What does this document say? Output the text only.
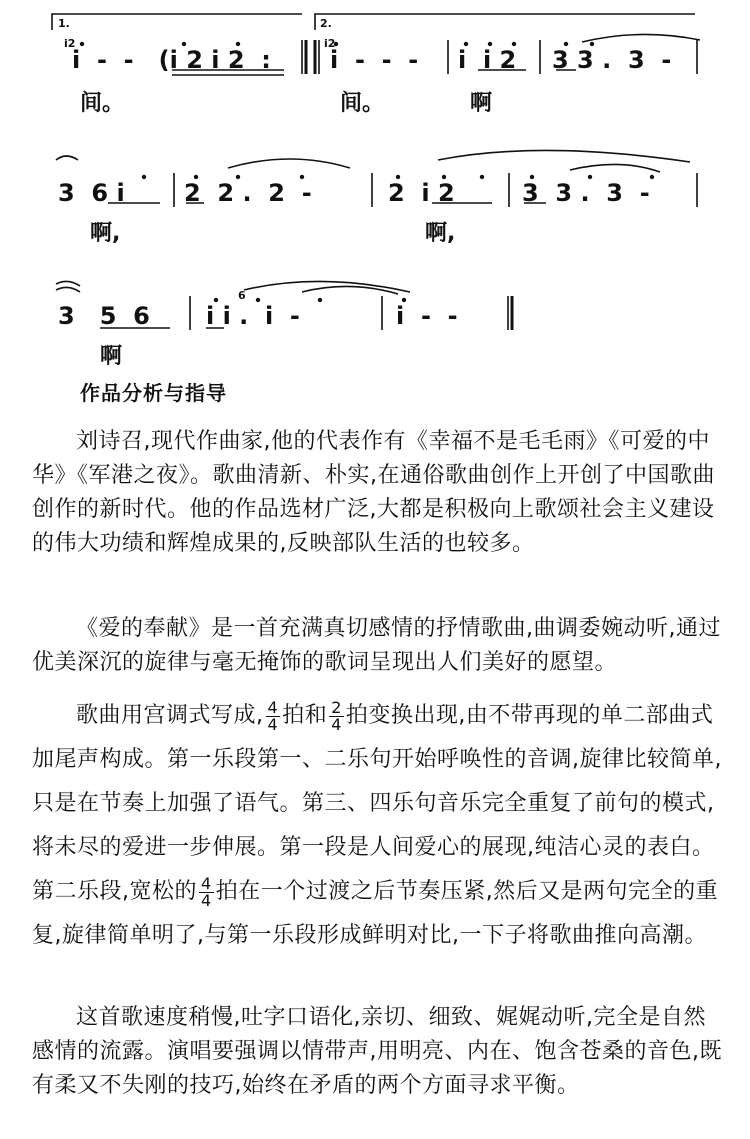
1.	2.
i2	i2
i  -  -   (i 2 i 2  : i  -  -  - i  i 2 3 3 .  3  -
间。	间。	啊
3  6 i 2  2 .  2  -	2  i 2	3  3 .  3  -
啊,	啊,
6
3   5  6 i i .  i  -	i  -  -
啊
作品分析与指导

刘诗召,现代作曲家,他的代表作有《幸福不是毛毛雨》《可爱的中华》《军港之夜》。歌曲清新、朴实,在通俗歌曲创作上开创了中国歌曲创作的新时代。他的作品选材广泛,大都是积极向上歌颂社会主义建设的伟大功绩和辉煌成果的,反映部队生活的也较多。

《爱的奉献》是一首充满真切感情的抒情歌曲,曲调委婉动听,通过优美深沉的旋律与毫无掩饰的歌词呈现出人们美好的愿望。

歌曲用宫调式写成, $\frac{4}{4}$ 拍和 $\frac{2}{4}$ 拍变换出现,由不带再现的单二部曲式加尾声构成。第一乐段第一、二乐句开始呼唤性的音调,旋律比较简单,只是在节奏上加强了语气。第三、四乐句音乐完全重复了前句的模式,将未尽的爱进一步伸展。第一段是人间爱心的展现,纯洁心灵的表白。第二乐段,宽松的 $\frac{4}{4}$ 拍在一个过渡之后节奏压紧,然后又是两句完全的重复,旋律简单明了,与第一乐段形成鲜明对比,一下子将歌曲推向高潮。

这首歌速度稍慢,吐字口语化,亲切、细致、娓娓动听,完全是自然感情的流露。演唱要强调以情带声,用明亮、内在、饱含苍桑的音色,既有柔又不失刚的技巧,始终在矛盾的两个方面寻求平衡。
